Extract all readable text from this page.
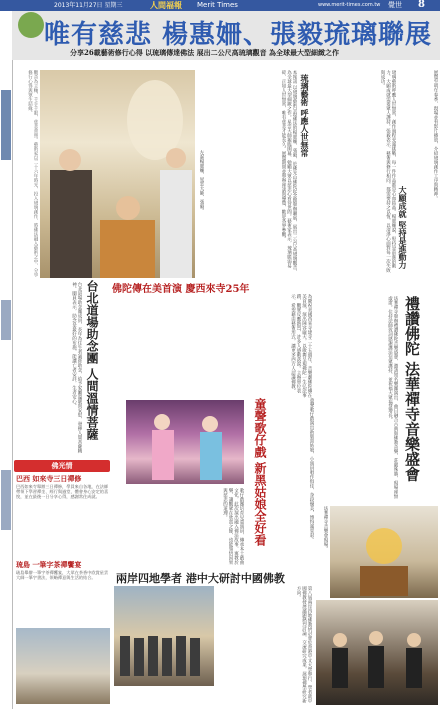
2013年11月27日 星期三	人間福報 Merit Times	www.merit-times.com.tw 覺世 8
唯有慈悲 楊惠姍、張毅琉璃聯展
分享26載藝術修行心得 以琉璃傳達佛法 展出二公尺高琉璃觀音 為全球最大型細緻之作
左起楊惠姍、星雲大師、張毅。
觀音為主軸，千手千眼，慈悲普照。藝術家以二十六年時光，投入琉璃創作，將佛法融入藝術之中，分享修行心得與眾生結緣。	琉璃藝術 呼應人世無常
大願成就 堅持是進動力
本報訊 以琉璃藝術呈現佛法的楊惠姍、張毅，於佛光山佛陀紀念館舉辦聯展，展出二公尺高琉璃觀音，為全球最大型細緻之作。星雲大師親臨開幕，勉勵大眾以慈悲心看待世間。藝術家表示，琉璃脆弱易碎，正如人世無常，唯有慈悲才能長久。展覽期間並舉辦座談與導覽，歡迎各界參觀。	琉璃藝術呼應人世無常，創作過程充滿挑戰，每一件作品都是心血結晶。楊惠姍說，堅持是前進的動力，大願成就需要眾人護持。張毅表示，藝術與修行相同，都需要持之以恆，以清淨心面對每一次失敗與成功。	展覽至明年春季，現場並有影片播放，介紹琉璃創作工序與精神。
台北道場助念團 人間溫情菩薩
台北道場助念團成員，長年為往生者誦經助念，給予家屬溫暖與安慰，發揮人間菩薩精神。團員表示，助念是最好的布施，能讓亡者安詳，生者安心。
佛光情
巴西 如來寺三日禪修
巴西如來寺舉辦三日禪修，學員來自各地，在法師帶領下學習禪坐、經行與過堂，體會身心安定的喜悅，並在最後一日分享心得，感謝常住成就。
琉島 一筆字茶禪饗宴
琉島舉辦一筆字茶禪饗宴，大眾在茶香中欣賞星雲大師一筆字書法，領略禪意與生活的結合。
佛陀傳在美首演 慶西來寺25年
為慶祝美國西來寺建寺二十五週年，音樂劇佛陀傳在美首演，演出陣容龐大，以歌舞呈現佛陀一生弘法事蹟，觀眾反應熱烈，許多人感動落淚。主辦單位表示，希望藉由藝術形式，讓更多西方人認識佛教。
童聲歌仔戲 新黑姑娘全好看	童聲歌仔戲演出新版黑姑娘，小演員唱作俱佳，身段優美，博得滿堂彩。
歌仔戲團培育兒童演員，傳承本土戲曲文化，此次演出融入佛法故事，寓教於樂，讓觀眾在欣賞之餘，也能領悟因果與慈悲的道理。
禮讚佛陀 法華禪寺音樂盛會
法華禪寺舉辦禮讚佛陀音樂盛會，邀請知名樂團演出，曲目融合古典與佛教音樂，莊嚴殊勝，現場座無虛席。住持法師致詞感謝護法信眾護持，並祝福大眾福慧增長。
法華禪寺音樂會現場。
兩岸四地學者 港中大研討中國佛教
第八屆兩岸四地佛教研討會於香港中文大學舉行，學者就中國佛教發展議題熱烈討論，交流研究成果，展現佛學研究新方向。
